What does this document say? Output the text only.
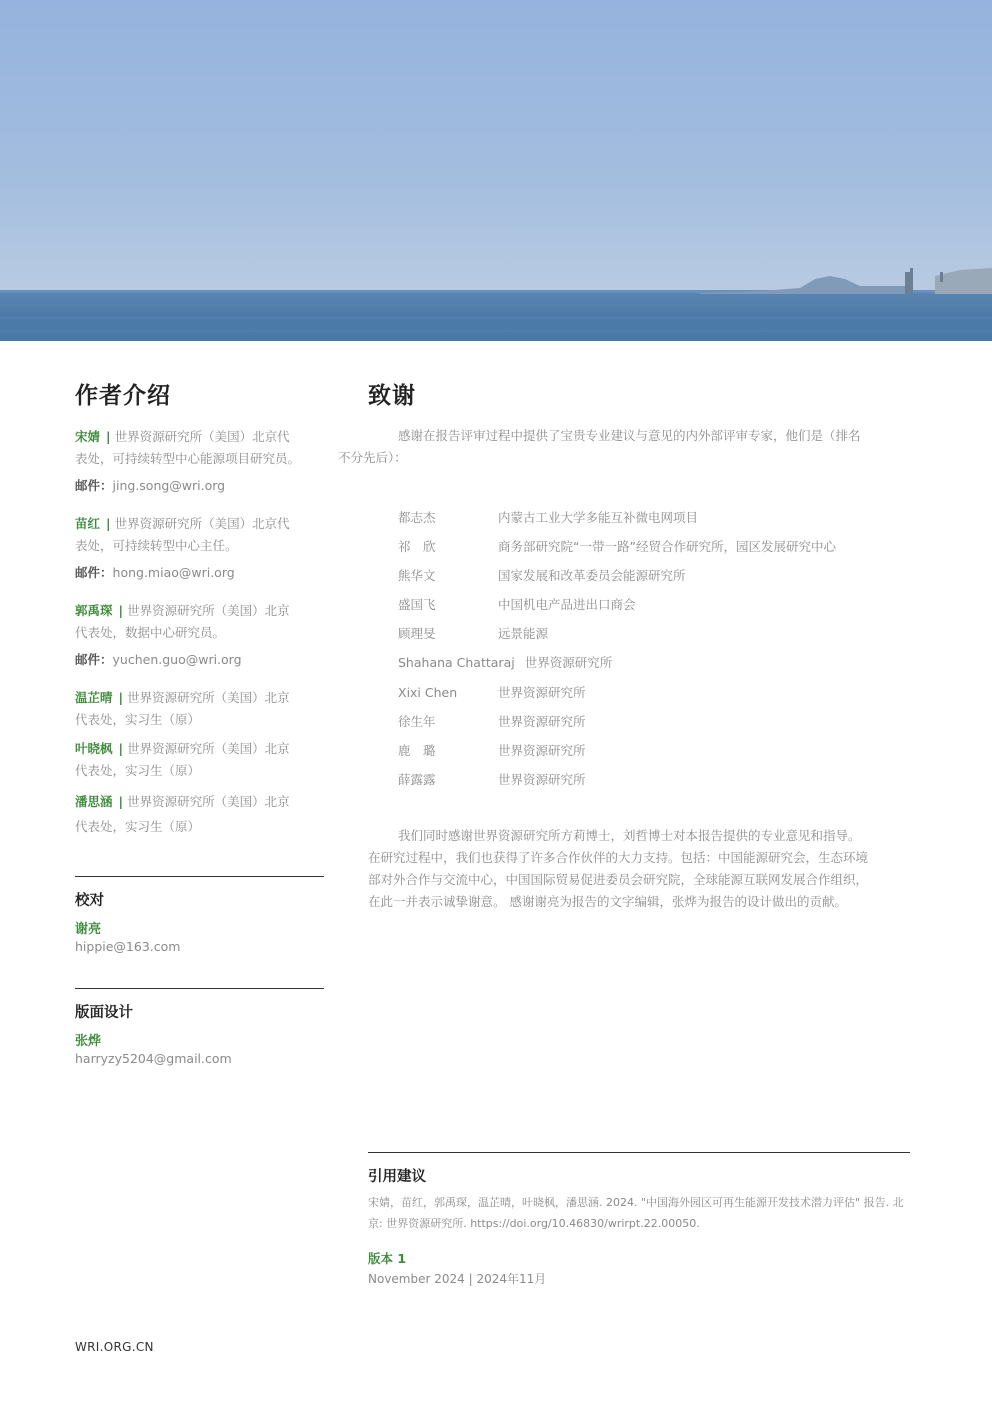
作者介绍
宋婧 | 世界资源研究所（美国）北京代
表处，可持续转型中心能源项目研究员。
邮件：jing.song@wri.org
苗红 | 世界资源研究所（美国）北京代
表处，可持续转型中心主任。
邮件：hong.miao@wri.org
郭禹琛 | 世界资源研究所（美国）北京
代表处，数据中心研究员。
邮件：yuchen.guo@wri.org
温芷晴 | 世界资源研究所（美国）北京
代表处，实习生（原）
叶晓枫 | 世界资源研究所（美国）北京
代表处，实习生（原）
潘思涵 | 世界资源研究所（美国）北京
代表处，实习生（原）
校对
谢亮
hippie@163.com
版面设计
张烨
harryzy5204@gmail.com
致谢

感谢在报告评审过程中提供了宝贵专业建议与意见的内外部评审专家，他们是（排名
不分先后）：

都志杰	内蒙古工业大学多能互补微电网项目
祁　欣	商务部研究院“一带一路”经贸合作研究所，园区发展研究中心
熊华文	国家发展和改革委员会能源研究所
盛国飞	中国机电产品进出口商会
顾理旻	远景能源
Shahana Chattaraj 世界资源研究所
Xixi Chen	世界资源研究所
徐生年	世界资源研究所
鹿　璐	世界资源研究所
薛露露	世界资源研究所
我们同时感谢世界资源研究所方莉博士，刘哲博士对本报告提供的专业意见和指导。
在研究过程中，我们也获得了许多合作伙伴的大力支持。包括：中国能源研究会，生态环境
部对外合作与交流中心，中国国际贸易促进委员会研究院，全球能源互联网发展合作组织，
在此一并表示诚挚谢意。 感谢谢亮为报告的文字编辑，张烨为报告的设计做出的贡献。
引用建议
宋婧，苗红，郭禹琛，温芷晴，叶晓枫，潘思涵. 2024. "中国海外园区可再生能源开发技术潜力评估" 报告. 北
京: 世界资源研究所. https://doi.org/10.46830/wrirpt.22.00050.
版本 1
November 2024 | 2024年11月
WRI.ORG.CN
